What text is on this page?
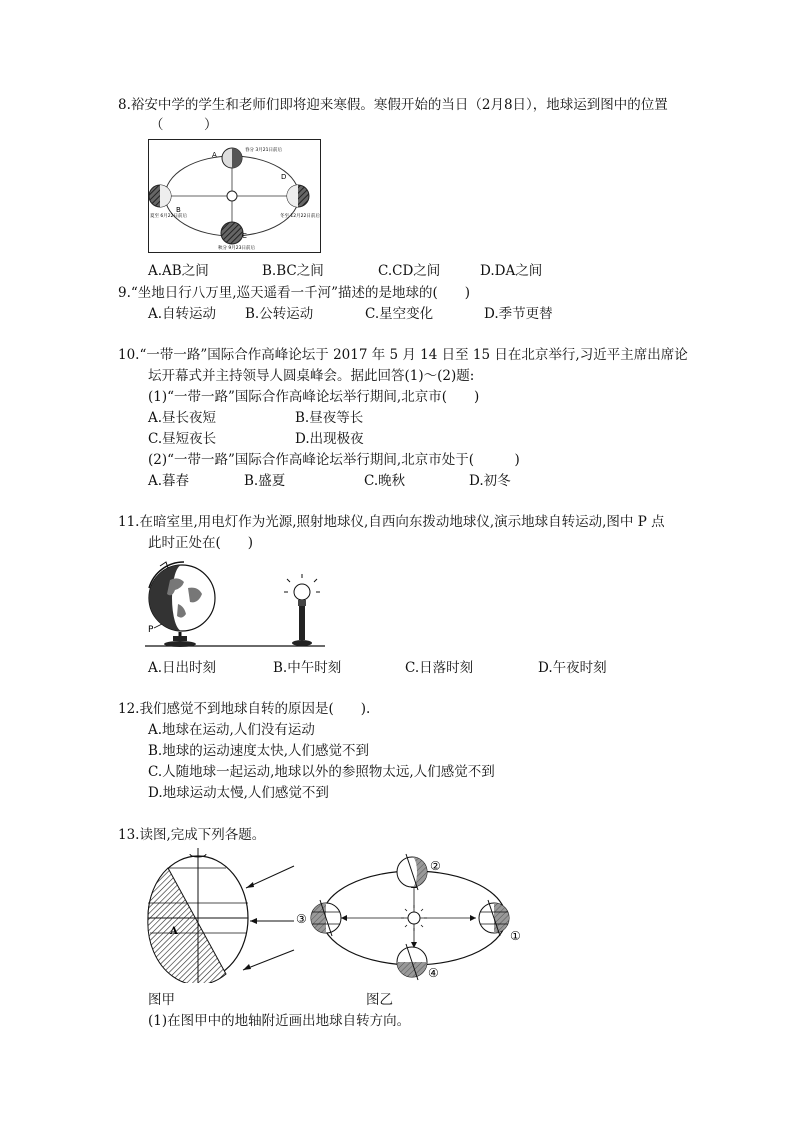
8.裕安中学的学生和老师们即将迎来寒假。寒假开始的当日（2月8日），地球运到图中的位置
（　　　）
A
B
C
D
春分 3月21日前后
夏至 6月22日前后	冬至 12月22日前后
秋分 9月23日前后
A.AB之间	B.BC之间	C.CD之间	D.DA之间
9.“坐地日行八万里,巡天遥看一千河”描述的是地球的(　　)
A.自转运动 B.公转运动	C.星空变化	D.季节更替
10.“一带一路”国际合作高峰论坛于 2017 年 5 月 14 日至 15 日在北京举行,习近平主席出席论
坛开幕式并主持领导人圆桌峰会。据此回答(1)～(2)题:
(1)“一带一路”国际合作高峰论坛举行期间,北京市(　　)
A.昼长夜短	B.昼夜等长
C.昼短夜长	D.出现极夜
(2)“一带一路”国际合作高峰论坛举行期间,北京市处于(　　　)
A.暮春	B.盛夏	C.晚秋	D.初冬
11.在暗室里,用电灯作为光源,照射地球仪,自西向东拨动地球仪,演示地球自转运动,图中 P 点
此时正处在(　　)
P
A.日出时刻	B.中午时刻	C.日落时刻	D.午夜时刻
12.我们感觉不到地球自转的原因是(　　).
A.地球在运动,人们没有运动
B.地球的运动速度太快,人们感觉不到
C.人随地球一起运动,地球以外的参照物太远,人们感觉不到
D.地球运动太慢,人们感觉不到
13.读图,完成下列各题。
A
②
③
①
④
图甲	图乙
(1)在图甲中的地轴附近画出地球自转方向。
